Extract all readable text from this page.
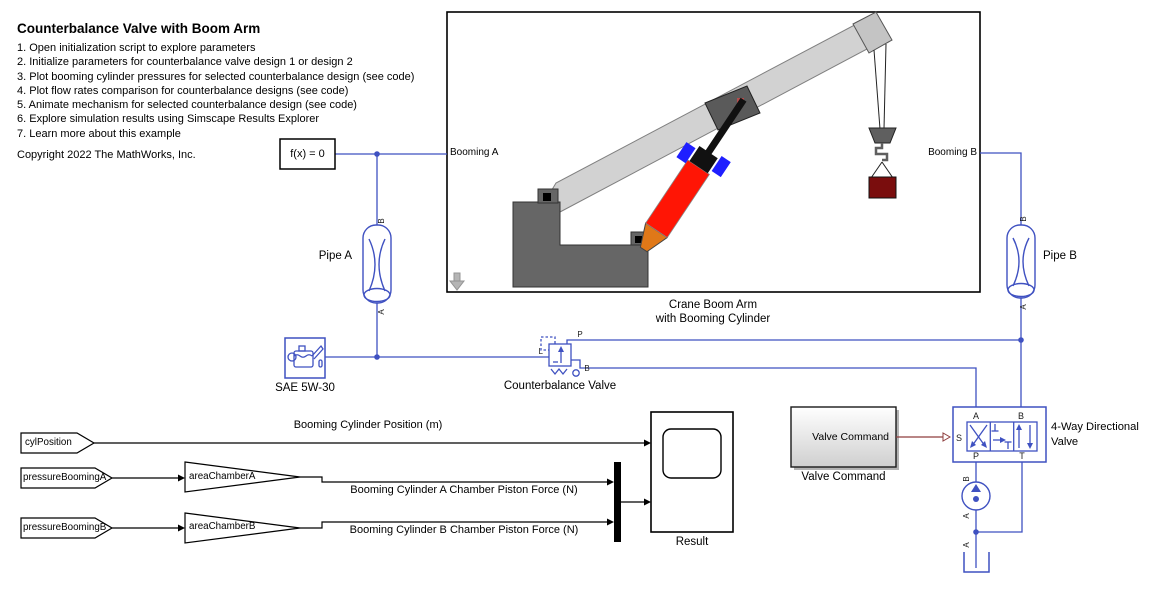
B
A
B
A
L
P
B
A	B
P	T
S
B
A
A
Counterbalance Valve with Boom Arm
1. Open initialization script to explore parameters
2. Initialize parameters for counterbalance valve design 1 or design 2
3. Plot booming cylinder pressures for selected counterbalance design (see code)
4. Plot flow rates comparison for counterbalance designs (see code)
5. Animate mechanism for selected counterbalance design (see code)
6. Explore simulation results using Simscape Results Explorer
7. Learn more about this example
Copyright 2022 The MathWorks, Inc.	f(x) = 0	Booming A	Booming B
Crane Boom Arm
with Booming Cylinder
Pipe A	Pipe B
SAE 5W-30	Counterbalance Valve
Valve Command
Valve Command
4-Way Directional
Valve
cylPosition
pressureBoomingA
pressureBoomingB
areaChamberA
areaChamberB
Result
Booming Cylinder Position (m)
Booming Cylinder A Chamber Piston Force (N)
Booming Cylinder B Chamber Piston Force (N)
